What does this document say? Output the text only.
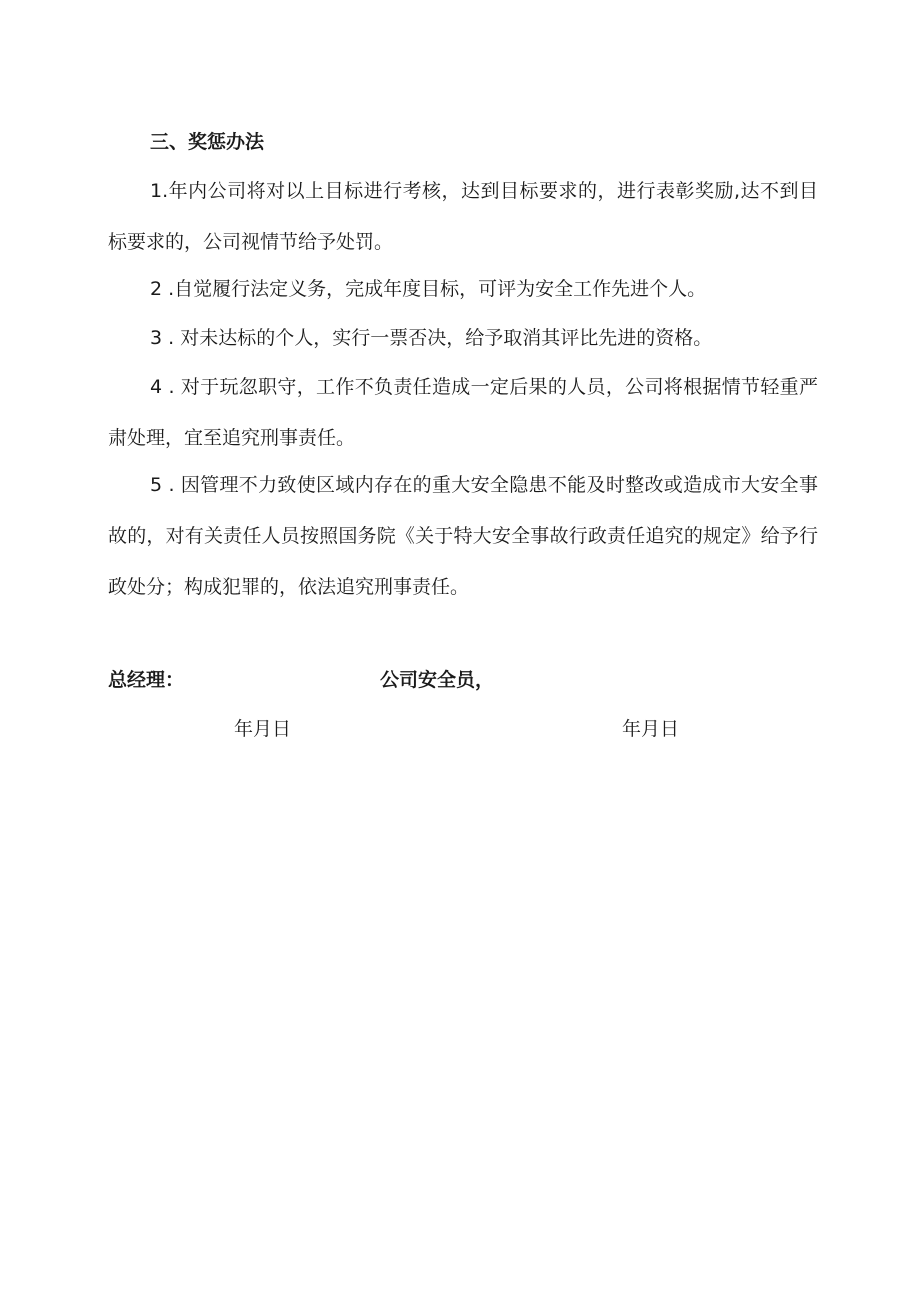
三、奖惩办法

1.年内公司将对以上目标进行考核，达到目标要求的，进行表彰奖励,达不到目标要求的，公司视情节给予处罚。

2 .自觉履行法定义务，完成年度目标，可评为安全工作先进个人。

3 . 对未达标的个人，实行一票否决，给予取消其评比先进的资格。

4 . 对于玩忽职守，工作不负责任造成一定后果的人员，公司将根据情节轻重严肃处理，宜至追究刑事责任。

5 . 因管理不力致使区域内存在的重大安全隐患不能及时整改或造成市大安全事故的，对有关责任人员按照国务院《关于特大安全事故行政责任追究的规定》给予行政处分；构成犯罪的，依法追究刑事责任。

总经理：	公司安全员，
年月日	年月日
